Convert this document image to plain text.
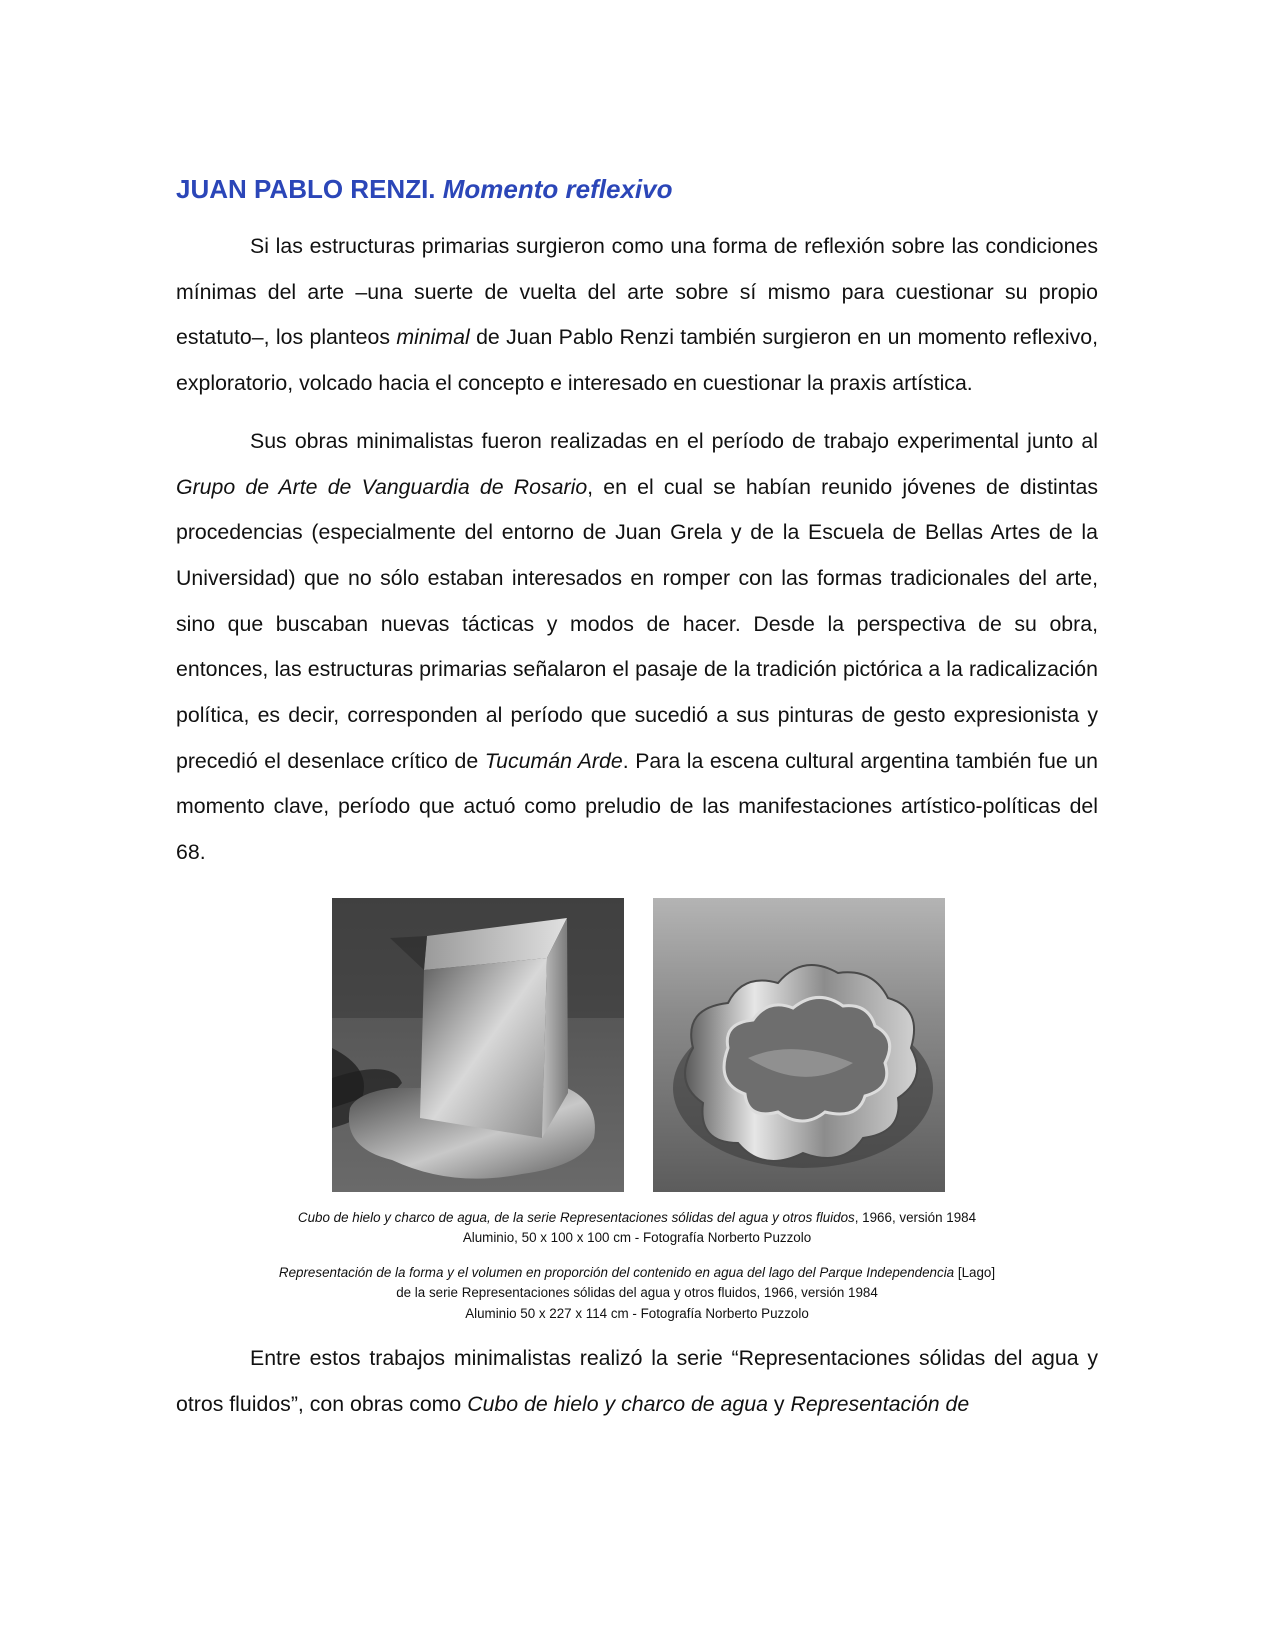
JUAN PABLO RENZI. Momento reflexivo

Si las estructuras primarias surgieron como una forma de reflexión sobre las condiciones mínimas del arte –una suerte de vuelta del arte sobre sí mismo para cuestionar su propio estatuto–, los planteos minimal de Juan Pablo Renzi también surgieron en un momento reflexivo, exploratorio, volcado hacia el concepto e interesado en cuestionar la praxis artística.

Sus obras minimalistas fueron realizadas en el período de trabajo experimental junto al Grupo de Arte de Vanguardia de Rosario, en el cual se habían reunido jóvenes de distintas procedencias (especialmente del entorno de Juan Grela y de la Escuela de Bellas Artes de la Universidad) que no sólo estaban interesados en romper con las formas tradicionales del arte, sino que buscaban nuevas tácticas y modos de hacer. Desde la perspectiva de su obra, entonces, las estructuras primarias señalaron el pasaje de la tradición pictórica a la radicalización política, es decir, corresponden al período que sucedió a sus pinturas de gesto expresionista y precedió el desenlace crítico de Tucumán Arde. Para la escena cultural argentina también fue un momento clave, período que actuó como preludio de las manifestaciones artístico-políticas del 68.

Cubo de hielo y charco de agua, de la serie Representaciones sólidas del agua y otros fluidos, 1966, versión 1984
Aluminio, 50 x 100 x 100 cm - Fotografía Norberto Puzzolo
Representación de la forma y el volumen en proporción del contenido en agua del lago del Parque Independencia [Lago]
de la serie Representaciones sólidas del agua y otros fluidos, 1966, versión 1984
Aluminio 50 x 227 x 114 cm - Fotografía Norberto Puzzolo

Entre estos trabajos minimalistas realizó la serie “Representaciones sólidas del agua y otros fluidos”, con obras como Cubo de hielo y charco de agua y Representación de
